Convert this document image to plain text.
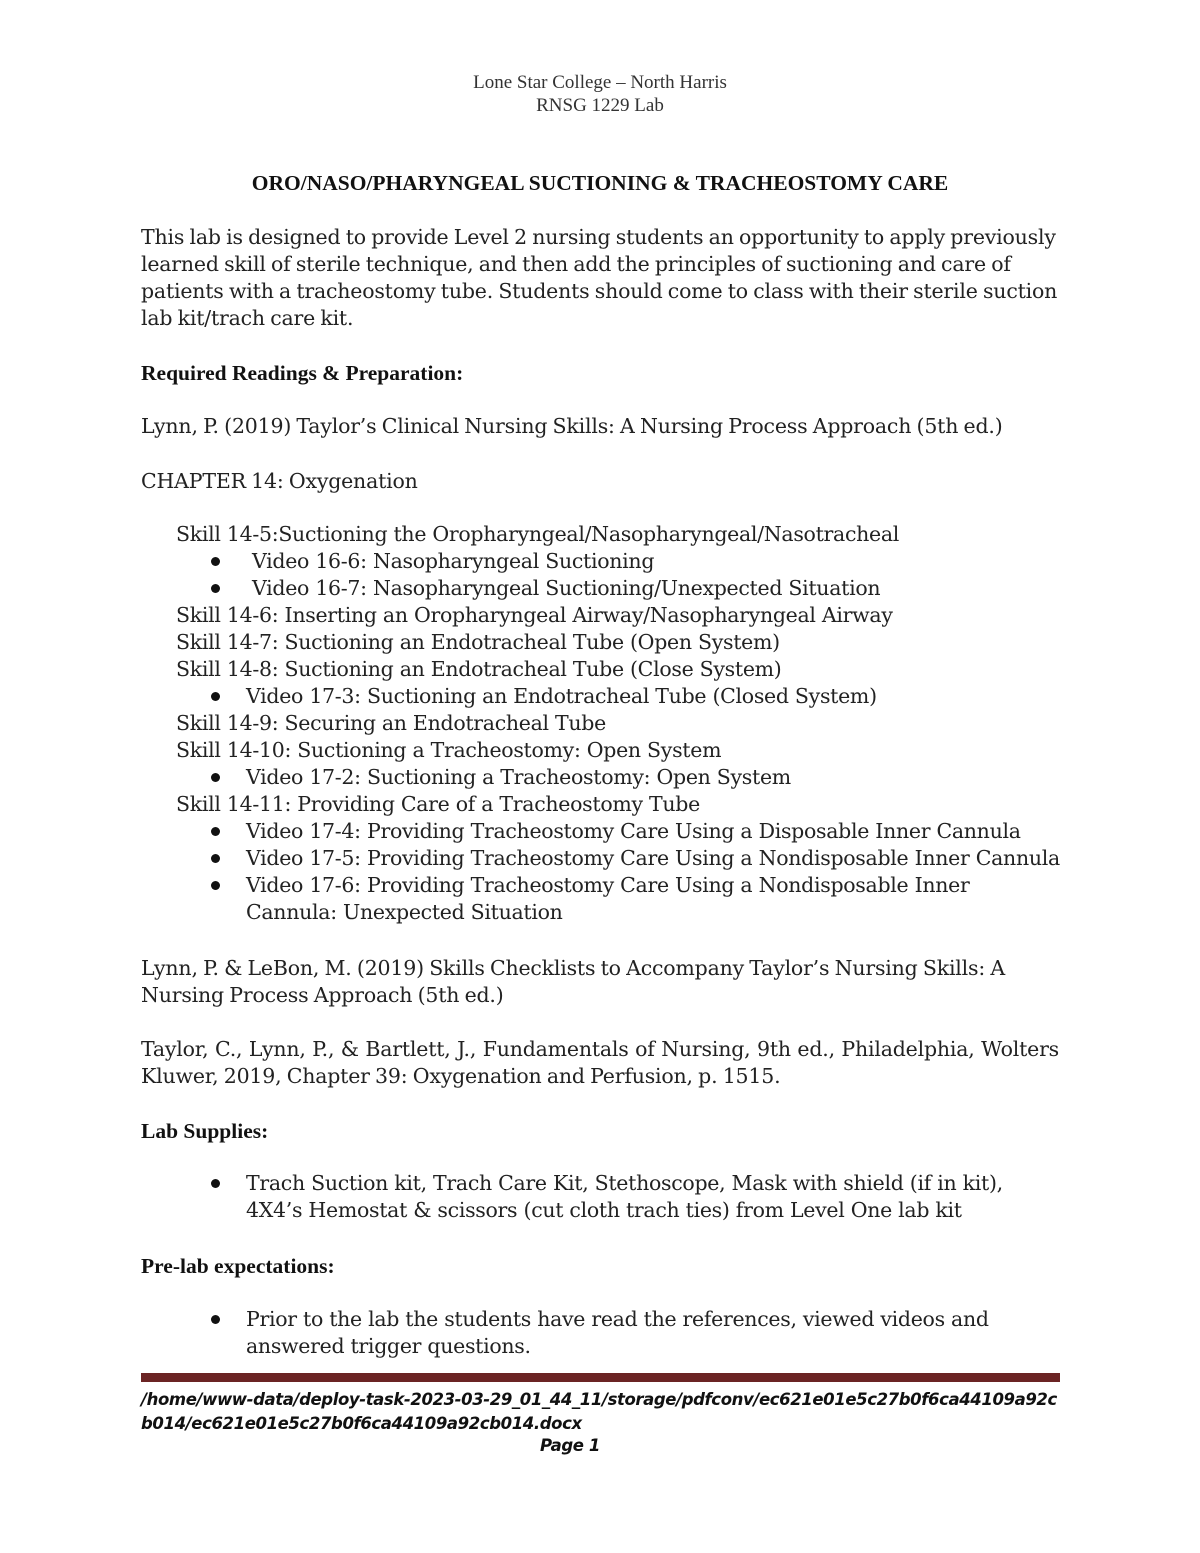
Lone Star College – North Harris
RNSG 1229 Lab
ORO/NASO/PHARYNGEAL SUCTIONING & TRACHEOSTOMY CARE
This lab is designed to provide Level 2 nursing students an opportunity to apply previously learned skill of sterile technique, and then add the principles of suctioning and care of patients with a tracheostomy tube. Students should come to class with their sterile suction lab kit/trach care kit.
Required Readings & Preparation:
Lynn, P. (2019) Taylor’s Clinical Nursing Skills: A Nursing Process Approach (5th ed.)
CHAPTER 14: Oxygenation
Skill 14-5:Suctioning the Oropharyngeal/Nasopharyngeal/Nasotracheal
Video 16-6: Nasopharyngeal Suctioning
Video 16-7: Nasopharyngeal Suctioning/Unexpected Situation
Skill 14-6: Inserting an Oropharyngeal Airway/Nasopharyngeal Airway
Skill 14-7: Suctioning an Endotracheal Tube (Open System)
Skill 14-8: Suctioning an Endotracheal Tube (Close System)
Video 17-3: Suctioning an Endotracheal Tube (Closed System)
Skill 14-9: Securing an Endotracheal Tube
Skill 14-10: Suctioning a Tracheostomy: Open System
Video 17-2: Suctioning a Tracheostomy: Open System
Skill 14-11: Providing Care of a Tracheostomy Tube
Video 17-4: Providing Tracheostomy Care Using a Disposable Inner Cannula
Video 17-5: Providing Tracheostomy Care Using a Nondisposable Inner Cannula
Video 17-6: Providing Tracheostomy Care Using a Nondisposable Inner Cannula: Unexpected Situation
Lynn, P. & LeBon, M. (2019) Skills Checklists to Accompany Taylor’s Nursing Skills: A Nursing Process Approach (5th ed.)
Taylor, C., Lynn, P., & Bartlett, J., Fundamentals of Nursing, 9th ed., Philadelphia, Wolters Kluwer, 2019, Chapter 39: Oxygenation and Perfusion, p. 1515.
Lab Supplies:
Trach Suction kit, Trach Care Kit, Stethoscope, Mask with shield (if in kit), 4X4’s Hemostat & scissors (cut cloth trach ties) from Level One lab kit
Pre-lab expectations:
Prior to the lab the students have read the references, viewed videos and answered trigger questions.
/home/www-data/deploy-task-2023-03-29_01_44_11/storage/pdfconv/ec621e01e5c27b0f6ca44109a92cb014/ec621e01e5c27b0f6ca44109a92cb014.docx
Page 1
